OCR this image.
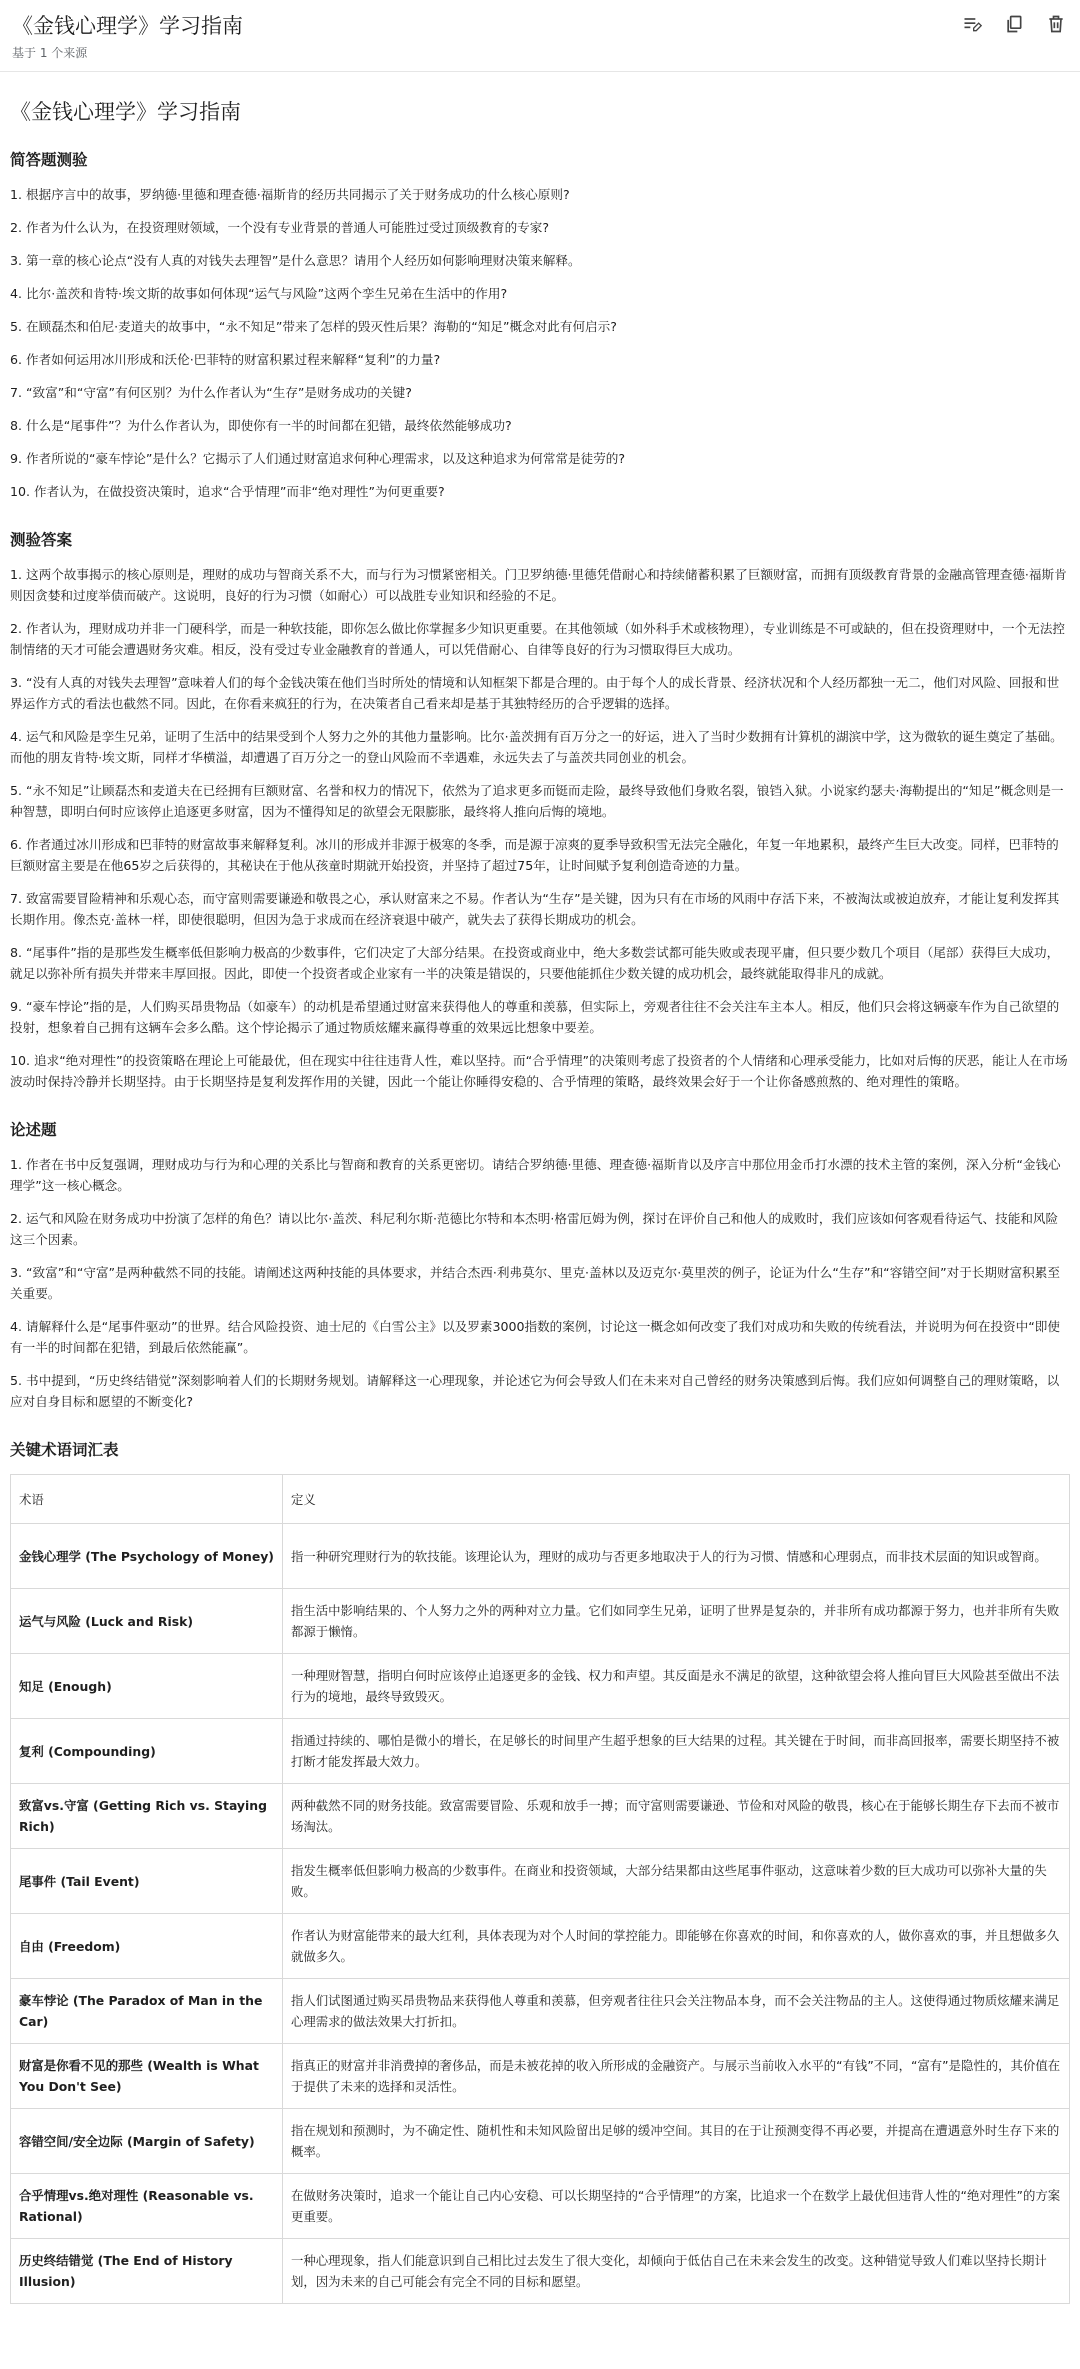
《金钱心理学》学习指南
基于 1 个来源
《金钱心理学》学习指南
简答题测验

1. 根据序言中的故事，罗纳德·里德和理查德·福斯肯的经历共同揭示了关于财务成功的什么核心原则?

2. 作者为什么认为，在投资理财领域，一个没有专业背景的普通人可能胜过受过顶级教育的专家?

3. 第一章的核心论点“没有人真的对钱失去理智”是什么意思？请用个人经历如何影响理财决策来解释。

4. 比尔·盖茨和肯特·埃文斯的故事如何体现“运气与风险”这两个孪生兄弟在生活中的作用?

5. 在顾磊杰和伯尼·麦道夫的故事中，“永不知足”带来了怎样的毁灭性后果？海勒的“知足”概念对此有何启示?

6. 作者如何运用冰川形成和沃伦·巴菲特的财富积累过程来解释“复利”的力量?

7. “致富”和“守富”有何区别？为什么作者认为“生存”是财务成功的关键?

8. 什么是“尾事件”？为什么作者认为，即使你有一半的时间都在犯错，最终依然能够成功?

9. 作者所说的“豪车悖论”是什么？它揭示了人们通过财富追求何种心理需求，以及这种追求为何常常是徒劳的?

10. 作者认为，在做投资决策时，追求“合乎情理”而非“绝对理性”为何更重要?

测验答案

1. 这两个故事揭示的核心原则是，理财的成功与智商关系不大，而与行为习惯紧密相关。门卫罗纳德·里德凭借耐心和持续储蓄积累了巨额财富，而拥有顶级教育背景的金融高管理查德·福斯肯则因贪婪和过度举债而破产。这说明，良好的行为习惯（如耐心）可以战胜专业知识和经验的不足。

2. 作者认为，理财成功并非一门硬科学，而是一种软技能，即你怎么做比你掌握多少知识更重要。在其他领域（如外科手术或核物理），专业训练是不可或缺的，但在投资理财中，一个无法控制情绪的天才可能会遭遇财务灾难。相反，没有受过专业金融教育的普通人，可以凭借耐心、自律等良好的行为习惯取得巨大成功。

3. “没有人真的对钱失去理智”意味着人们的每个金钱决策在他们当时所处的情境和认知框架下都是合理的。由于每个人的成长背景、经济状况和个人经历都独一无二，他们对风险、回报和世界运作方式的看法也截然不同。因此，在你看来疯狂的行为，在决策者自己看来却是基于其独特经历的合乎逻辑的选择。

4. 运气和风险是孪生兄弟，证明了生活中的结果受到个人努力之外的其他力量影响。比尔·盖茨拥有百万分之一的好运，进入了当时少数拥有计算机的湖滨中学，这为微软的诞生奠定了基础。而他的朋友肯特·埃文斯，同样才华横溢，却遭遇了百万分之一的登山风险而不幸遇难，永远失去了与盖茨共同创业的机会。

5. “永不知足”让顾磊杰和麦道夫在已经拥有巨额财富、名誉和权力的情况下，依然为了追求更多而铤而走险，最终导致他们身败名裂，锒铛入狱。小说家约瑟夫·海勒提出的“知足”概念则是一种智慧，即明白何时应该停止追逐更多财富，因为不懂得知足的欲望会无限膨胀，最终将人推向后悔的境地。

6. 作者通过冰川形成和巴菲特的财富故事来解释复利。冰川的形成并非源于极寒的冬季，而是源于凉爽的夏季导致积雪无法完全融化，年复一年地累积，最终产生巨大改变。同样，巴菲特的巨额财富主要是在他65岁之后获得的，其秘诀在于他从孩童时期就开始投资，并坚持了超过75年，让时间赋予复利创造奇迹的力量。

7. 致富需要冒险精神和乐观心态，而守富则需要谦逊和敬畏之心，承认财富来之不易。作者认为“生存”是关键，因为只有在市场的风雨中存活下来，不被淘汰或被迫放弃，才能让复利发挥其长期作用。像杰克·盖林一样，即使很聪明，但因为急于求成而在经济衰退中破产，就失去了获得长期成功的机会。

8. “尾事件”指的是那些发生概率低但影响力极高的少数事件，它们决定了大部分结果。在投资或商业中，绝大多数尝试都可能失败或表现平庸，但只要少数几个项目（尾部）获得巨大成功，就足以弥补所有损失并带来丰厚回报。因此，即使一个投资者或企业家有一半的决策是错误的，只要他能抓住少数关键的成功机会，最终就能取得非凡的成就。

9. “豪车悖论”指的是，人们购买昂贵物品（如豪车）的动机是希望通过财富来获得他人的尊重和羡慕，但实际上，旁观者往往不会关注车主本人。相反，他们只会将这辆豪车作为自己欲望的投射，想象着自己拥有这辆车会多么酷。这个悖论揭示了通过物质炫耀来赢得尊重的效果远比想象中要差。

10. 追求“绝对理性”的投资策略在理论上可能最优，但在现实中往往违背人性，难以坚持。而“合乎情理”的决策则考虑了投资者的个人情绪和心理承受能力，比如对后悔的厌恶，能让人在市场波动时保持冷静并长期坚持。由于长期坚持是复利发挥作用的关键，因此一个能让你睡得安稳的、合乎情理的策略，最终效果会好于一个让你备感煎熬的、绝对理性的策略。

论述题

1. 作者在书中反复强调，理财成功与行为和心理的关系比与智商和教育的关系更密切。请结合罗纳德·里德、理查德·福斯肯以及序言中那位用金币打水漂的技术主管的案例，深入分析“金钱心理学”这一核心概念。

2. 运气和风险在财务成功中扮演了怎样的角色？请以比尔·盖茨、科尼利尔斯·范德比尔特和本杰明·格雷厄姆为例，探讨在评价自己和他人的成败时，我们应该如何客观看待运气、技能和风险这三个因素。

3. “致富”和“守富”是两种截然不同的技能。请阐述这两种技能的具体要求，并结合杰西·利弗莫尔、里克·盖林以及迈克尔·莫里茨的例子，论证为什么“生存”和“容错空间”对于长期财富积累至关重要。

4. 请解释什么是“尾事件驱动”的世界。结合风险投资、迪士尼的《白雪公主》以及罗素3000指数的案例，讨论这一概念如何改变了我们对成功和失败的传统看法，并说明为何在投资中“即使有一半的时间都在犯错，到最后依然能赢”。

5. 书中提到，“历史终结错觉”深刻影响着人们的长期财务规划。请解释这一心理现象，并论述它为何会导致人们在未来对自己曾经的财务决策感到后悔。我们应如何调整自己的理财策略，以应对自身目标和愿望的不断变化?

关键术语词汇表
术语	定义
金钱心理学 (The Psychology of Money)	指一种研究理财行为的软技能。该理论认为，理财的成功与否更多地取决于人的行为习惯、情感和心理弱点，而非技术层面的知识或智商。
运气与风险 (Luck and Risk)	指生活中影响结果的、个人努力之外的两种对立力量。它们如同孪生兄弟，证明了世界是复杂的，并非所有成功都源于努力，也并非所有失败都源于懒惰。
知足 (Enough)	一种理财智慧，指明白何时应该停止追逐更多的金钱、权力和声望。其反面是永不满足的欲望，这种欲望会将人推向冒巨大风险甚至做出不法行为的境地，最终导致毁灭。
复利 (Compounding)	指通过持续的、哪怕是微小的增长，在足够长的时间里产生超乎想象的巨大结果的过程。其关键在于时间，而非高回报率，需要长期坚持不被打断才能发挥最大效力。
致富vs.守富 (Getting Rich vs. Staying Rich)	两种截然不同的财务技能。致富需要冒险、乐观和放手一搏；而守富则需要谦逊、节俭和对风险的敬畏，核心在于能够长期生存下去而不被市场淘汰。
尾事件 (Tail Event)	指发生概率低但影响力极高的少数事件。在商业和投资领域，大部分结果都由这些尾事件驱动，这意味着少数的巨大成功可以弥补大量的失败。
自由 (Freedom)	作者认为财富能带来的最大红利，具体表现为对个人时间的掌控能力。即能够在你喜欢的时间，和你喜欢的人，做你喜欢的事，并且想做多久就做多久。
豪车悖论 (The Paradox of Man in the Car)	指人们试图通过购买昂贵物品来获得他人尊重和羡慕，但旁观者往往只会关注物品本身，而不会关注物品的主人。这使得通过物质炫耀来满足心理需求的做法效果大打折扣。
财富是你看不见的那些 (Wealth is What You Don't See)	指真正的财富并非消费掉的奢侈品，而是未被花掉的收入所形成的金融资产。与展示当前收入水平的“有钱”不同，“富有”是隐性的，其价值在于提供了未来的选择和灵活性。
容错空间/安全边际 (Margin of Safety)	指在规划和预测时，为不确定性、随机性和未知风险留出足够的缓冲空间。其目的在于让预测变得不再必要，并提高在遭遇意外时生存下来的概率。
合乎情理vs.绝对理性 (Reasonable vs. Rational)	在做财务决策时，追求一个能让自己内心安稳、可以长期坚持的“合乎情理”的方案，比追求一个在数学上最优但违背人性的“绝对理性”的方案更重要。
历史终结错觉 (The End of History Illusion)	一种心理现象，指人们能意识到自己相比过去发生了很大变化，却倾向于低估自己在未来会发生的改变。这种错觉导致人们难以坚持长期计划，因为未来的自己可能会有完全不同的目标和愿望。
